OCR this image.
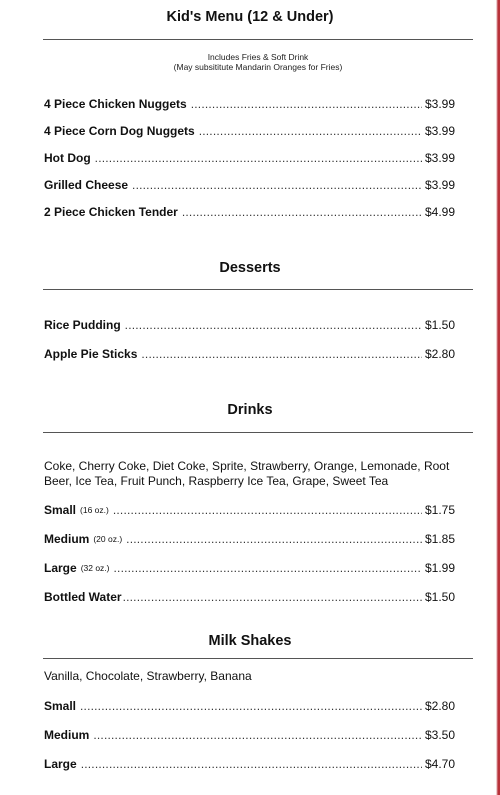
Kid's Menu (12 & Under)
Includes Fries & Soft Drink
(May subsititute Mandarin Oranges for Fries)
4 Piece Chicken Nuggets .....	$3.99
4 Piece Corn Dog Nuggets .....	$3.99
Hot Dog .....	$3.99
Grilled Cheese .....	$3.99
2 Piece Chicken Tender .....	$4.99
Desserts
Rice Pudding .....	$1.50
Apple Pie Sticks .....	$2.80
Drinks
Coke, Cherry Coke, Diet Coke, Sprite, Strawberry, Orange, Lemonade, Root Beer, Ice Tea, Fruit Punch, Raspberry Ice Tea, Grape, Sweet Tea
Small (16 oz.) .....	$1.75
Medium (20 oz.) .....	$1.85
Large (32 oz.) .....	$1.99
Bottled Water .....	$1.50
Milk Shakes
Vanilla, Chocolate, Strawberry, Banana
Small .....	$2.80
Medium .....	$3.50
Large .....	$4.70
